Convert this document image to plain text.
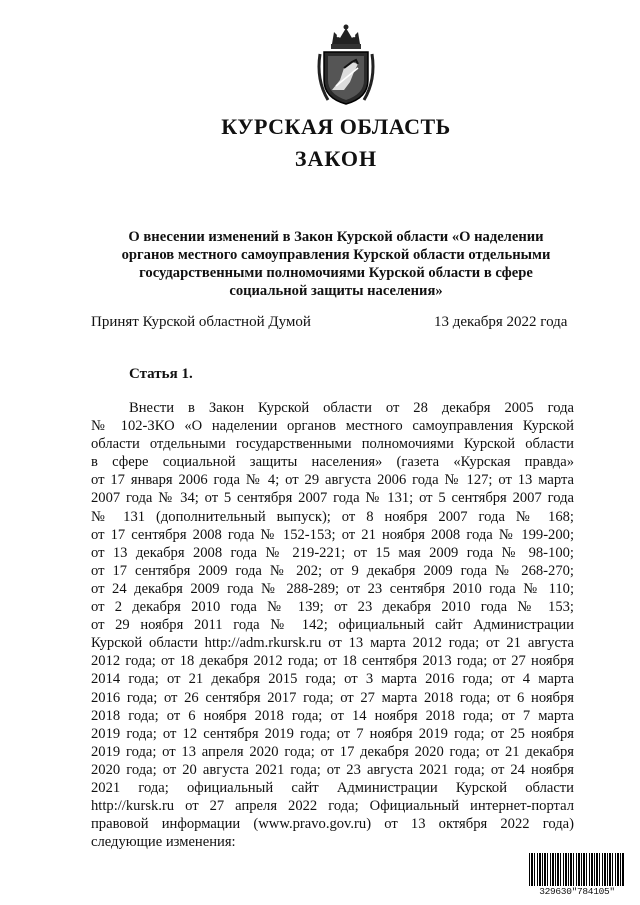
КУРСКАЯ ОБЛАСТЬ
ЗАКОН
О внесении изменений в Закон Курской области «О наделении
органов местного самоуправления Курской области отдельными
государственными полномочиями Курской области в сфере
социальной защиты населения»
Принят Курской областной Думой	13 декабря 2022 года
Статья 1.
Внести в Закон Курской области от 28 декабря 2005 года
№ 102-ЗКО «О наделении органов местного самоуправления Курской
области отдельными государственными полномочиями Курской области
в сфере социальной защиты населения» (газета «Курская правда»
от 17 января 2006 года № 4; от 29 августа 2006 года № 127; от 13 марта
2007 года № 34; от 5 сентября 2007 года № 131; от 5 сентября 2007 года
№ 131 (дополнительный выпуск); от 8 ноября 2007 года № 168;
от 17 сентября 2008 года № 152-153; от 21 ноября 2008 года № 199-200;
от 13 декабря 2008 года № 219-221; от 15 мая 2009 года № 98-100;
от 17 сентября 2009 года № 202; от 9 декабря 2009 года № 268-270;
от 24 декабря 2009 года № 288-289; от 23 сентября 2010 года № 110;
от 2 декабря 2010 года № 139; от 23 декабря 2010 года № 153;
от 29 ноября 2011 года № 142; официальный сайт Администрации
Курской области http://adm.rkursk.ru от 13 марта 2012 года; от 21 августа
2012 года; от 18 декабря 2012 года; от 18 сентября 2013 года; от 27 ноября
2014 года; от 21 декабря 2015 года; от 3 марта 2016 года; от 4 марта
2016 года; от 26 сентября 2017 года; от 27 марта 2018 года; от 6 ноября
2018 года; от 6 ноября 2018 года; от 14 ноября 2018 года; от 7 марта
2019 года; от 12 сентября 2019 года; от 7 ноября 2019 года; от 25 ноября
2019 года; от 13 апреля 2020 года; от 17 декабря 2020 года; от 21 декабря
2020 года; от 20 августа 2021 года; от 23 августа 2021 года; от 24 ноября
2021 года; официальный сайт Администрации Курской области
http://kursk.ru от 27 апреля 2022 года; Официальный интернет-портал
правовой информации (www.pravo.gov.ru) от 13 октября 2022 года)
следующие изменения:
329630"784105"
